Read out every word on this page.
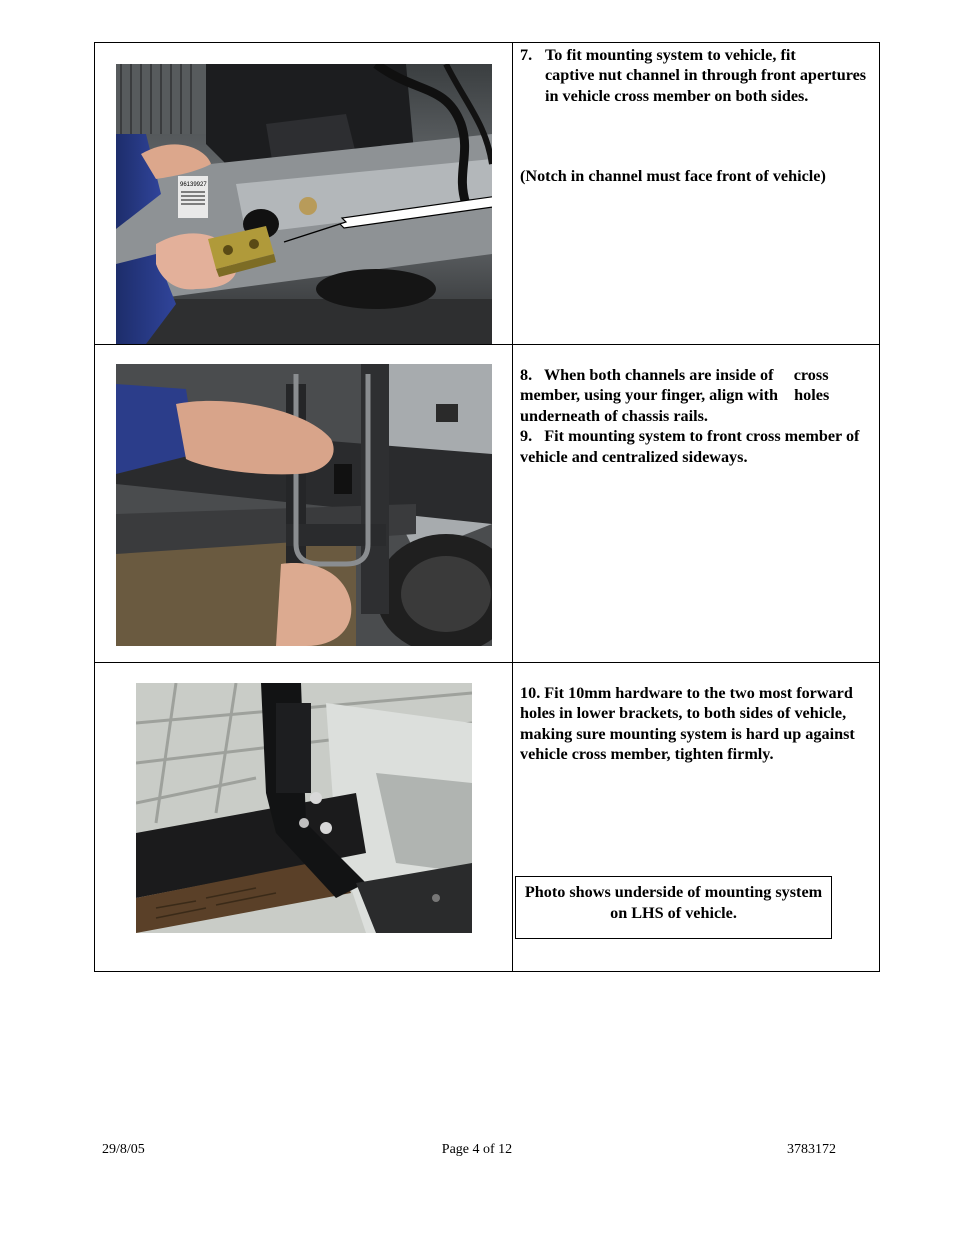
96139927
7. To fit mounting system to vehicle, fit
captive nut channel in through front apertures in vehicle cross member on both sides.
(Notch in channel must face front of vehicle)
8.   When both channels are inside of     cross member, using your finger, align with    holes underneath of chassis rails.
9.   Fit mounting system to front cross member of vehicle and centralized sideways.
10. Fit 10mm hardware to the two most forward holes in lower brackets, to both sides of vehicle, making sure mounting system is hard up against vehicle cross member, tighten firmly.
Photo shows underside of mounting system on LHS of vehicle.
29/8/05	Page 4 of 12	3783172
